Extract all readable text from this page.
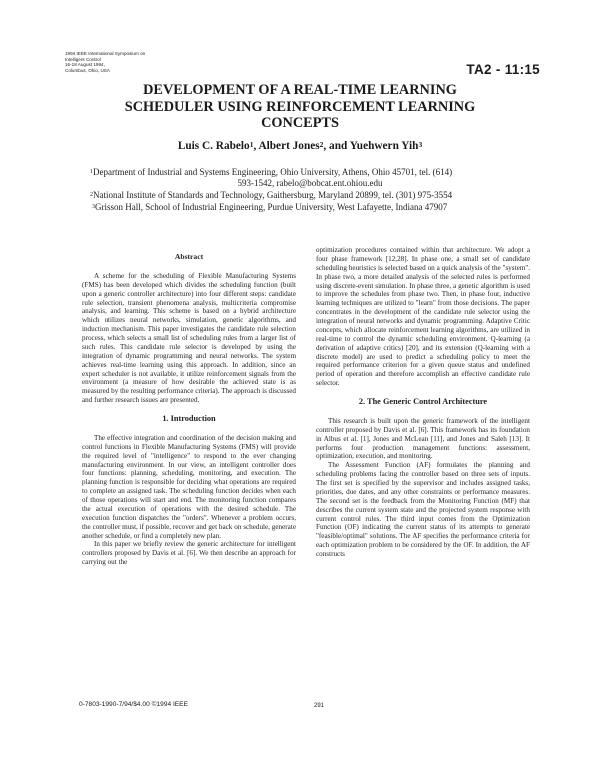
1994 IEEE International Symposium on
Intelligent Control
16-18 August 1994,
Columbus, Ohio, USA	TA2 - 11:15
DEVELOPMENT OF A REAL-TIME LEARNING
SCHEDULER USING REINFORCEMENT LEARNING
CONCEPTS
Luis C. Rabelo$^1$, Albert Jones$^2$, and Yuehwern Yih$^3$
$^1$Department of Industrial and Systems Engineering, Ohio University, Athens, Ohio 45701, tel. (614)
593-1542, rabelo@bobcat.ent.ohiou.edu
$^2$National Institute of Standards and Technology, Gaithersburg, Maryland 20899, tel. (301) 975-3554
$^3$Grisson Hall, School of Industrial Engineering, Purdue University, West Lafayette, Indiana 47907
Abstract

A scheme for the scheduling of Flexible Manufacturing Systems (FMS) has been developed which divides the scheduling function (built upon a generic controller architecture) into four different steps: candidate rule selection, transient phenomena analysis, multicriteria compromise analysis, and learning. This scheme is based on a hybrid architecture which utilizes neural networks, simulation, genetic algorithms, and induction mechanism. This paper investigates the candidate rule selection process, which selects a small list of scheduling rules from a larger list of such rules. This candidate rule selector is developed by using the integration of dynamic programming and neural networks. The system achieves real-time learning using this approach. In addition, since an expert scheduler is not available, it utilize reinforcement signals from the environment (a measure of how desirable the achieved state is as measured by the resulting performance criteria). The approach is discussed and further research issues are presented.

1. Introduction

The effective integration and coordination of the decision making and control functions in Flexible Manufacturing Systems (FMS) will provide the required level of "intelligence" to respond to the ever changing manufacturing environment. In our view, an intelligent controller does four functions: planning, scheduling, monitoring, and execution. The planning function is responsible for deciding what operations are required to complete an assigned task. The scheduling function decides when each of those operations will start and end. The monitoring function compares the actual execution of operations with the desired schedule. The execution function dispatches the "orders". Whenever a problem occurs, the controller must, if possible, recover and get back on schedule, generate another schedule, or find a completely new plan.

In this paper we briefly review the generic architecture for intelligent controllers proposed by Davis et al. [6]. We then describe an approach for carrying out the

optimization procedures contained within that architecture. We adopt a four phase framework [12,28]. In phase one, a small set of candidate scheduling heuristics is selected based on a quick analysis of the "system". In phase two, a more detailed analysis of the selected rules is performed using discrete-event simulation. In phase three, a genetic algorithm is used to improve the schedules from phase two. Then, in phase four, inductive learning techniques are utilized to "learn" from those decisions. The paper concentrates in the development of the candidate rule selector using the integration of neural networks and dynamic programming. Adaptive Critic concepts, which allocate reinforcement learning algorithms, are utilized in real-time to control the dynamic scheduling environment. Q-learning (a derivation of adaptive critics) [20], and its extension (Q-learning with a discrete model) are used to predict a scheduling policy to meet the required performance criterion for a given queue status and undefined period of operation and therefore accomplish an effective candidate rule selector.

2. The Generic Control Architecture

This research is built upon the generic framework of the intelligent controller proposed by Davis et al. [6]. This framework has its foundation in Albus et al. [1], Jones and McLean [11], and Jones and Saleh [13]. It performs four production management functions: assessment, optimization, execution, and monitoring.

The Assessment Function (AF) formulates the planning and scheduling problems facing the controller based on three sets of inputs. The first set is specified by the supervisor and includes assigned tasks, priorities, due dates, and any other constraints or performance measures. The second set is the feedback from the Monitoring Function (MF) that describes the current system state and the projected system response with current control rules. The third input comes from the Optimization Function (OF) indicating the current status of its attempts to generate "feasible/optimal" solutions. The AF specifies the performance criteria for each optimization problem to be considered by the OF. In addition, the AF constructs

0-7803-1990-7/94/$4.00 ©1994 IEEE	291
